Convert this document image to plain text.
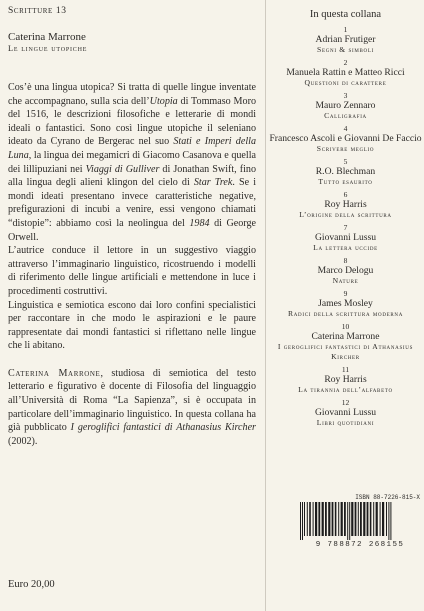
Scritture 13
Caterina Marrone
Le lingue utopiche

Cos’è una lingua utopica? Si tratta di quelle lingue inventate che accompagnano, sulla scia dell’Utopia di Tommaso Moro del 1516, le descrizioni filosofiche e letterarie di mondi ideali o fantastici. Sono così lingue utopiche il seleniano ideato da Cyrano de Bergerac nel suo Stati e Imperi della Luna, la lingua dei megamicri di Giacomo Casanova e quella dei lillipuziani nei Viaggi di Gulliver di Jonathan Swift, fino alla lingua degli alieni klingon del cielo di Star Trek. Se i mondi ideati presentano invece caratteristiche negative, prefigurazioni di incubi a venire, essi vengono chiamati “distopie”: abbiamo così la neolingua del 1984 di George Orwell.

L’autrice conduce il lettore in un suggestivo viaggio attraverso l’immaginario linguistico, ricostruendo i modelli di riferimento delle lingue artificiali e mettendone in luce i procedimenti costruttivi.

Linguistica e semiotica escono dai loro confini specialistici per raccontare in che modo le aspirazioni e le paure rappresentate dai mondi fantastici si riflettano nelle lingue che li abitano.

Caterina Marrone, studiosa di semiotica del testo letterario e figurativo è docente di Filosofia del linguaggio all’Università di Roma “La Sapienza”, si è occupata in particolare dell’immaginario linguistico. In questa collana ha già pubblicato I geroglifici fantastici di Athanasius Kircher (2002).
Euro 20,00
In questa collana
1
Adrian Frutiger
Segni & simboli
2
Manuela Rattin e Matteo Ricci
Questioni di carattere
3
Mauro Zennaro
Calligrafia
4
Francesco Ascoli e Giovanni De Faccio
Scrivere meglio
5
R.O. Blechman
Tutto esaurito
6
Roy Harris
L’origine della scrittura
7
Giovanni Lussu
La lettera uccide
8
Marco Delogu
Nature
9
James Mosley
Radici della scrittura moderna
10
Caterina Marrone
I geroglifici fantastici di Athanasius Kircher
11
Roy Harris
La tirannia dell’alfabeto
12
Giovanni Lussu
Libri quotidiani
ISBN 88-7226-815-X
9 788872 268155
